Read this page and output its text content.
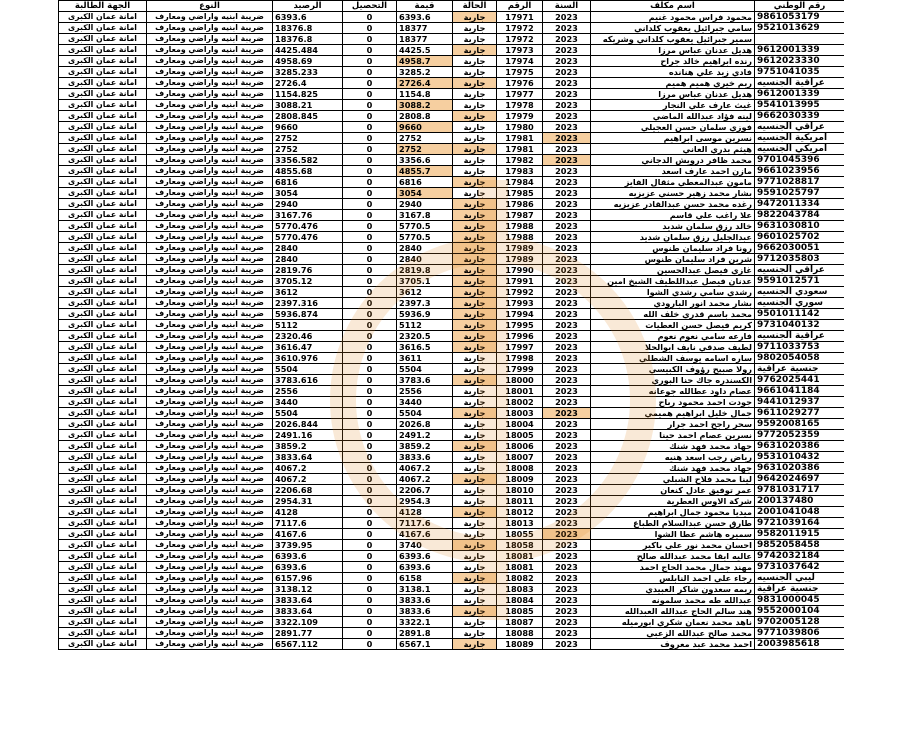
رقم الوطني	اسم مكلف	السنة	الرقم	الحالة	قيمة	التحصيل	الرصيد	النوع	الجهة الطالبة
9861053179	محمود فراس محمود غنيم	2023	17971	جارية	6393.6	0	6393.6	ضريبة ابنيه واراضي ومعارف	امانة عمان الكبرى
9521013629	سامي جبرائيل يعقوب كلداني	2023	17972	جارية	18377	0	18376.8	ضريبة ابنيه واراضي ومعارف	امانة عمان الكبرى
	سمير جبرائيل يعقوب كلداني وشريكه	2023	17972	جارية	18377	0	18376.8	ضريبة ابنيه واراضي ومعارف	امانة عمان الكبرى
9612001339	هديل عدنان عباس مرزا	2023	17973	جارية	4425.5	0	4425.484	ضريبة ابنيه واراضي ومعارف	امانة عمان الكبرى
9612023330	رنده ابراهيم خالد جراح	2023	17974	جارية	4958.7	0	4958.69	ضريبة ابنيه واراضي ومعارف	امانة عمان الكبرى
9751041035	فادي زيد علي هنانده	2023	17975	جارية	3285.2	0	3285.233	ضريبة ابنيه واراضي ومعارف	امانة عمان الكبرى
عراقية الجنسيه	ريم خيري هميم هميم	2023	17976	جارية	2726.4	0	2726.4	ضريبة ابنيه واراضي ومعارف	امانة عمان الكبرى
9612001339	هديل عدنان عباس مرزا	2023	17977	جارية	1154.8	0	1154.825	ضريبة ابنيه واراضي ومعارف	امانة عمان الكبرى
9541013995	غيث عارف علي النجار	2023	17978	جارية	3088.2	0	3088.21	ضريبة ابنيه واراضي ومعارف	امانة عمان الكبرى
9662030339	لينه فؤاد عبدالله الماضي	2023	17979	جارية	2808.8	0	2808.845	ضريبة ابنيه واراضي ومعارف	امانة عمان الكبرى
عراقي الجنسيه	فوزي سلمان حسن العجيلي	2023	17980	جارية	9660	0	9660	ضريبة ابنيه واراضي ومعارف	امانة عمان الكبرى
امريكية الجنسيه	نسرين موسى ابراهيم	2023	17981	جارية	2752	0	2752	ضريبة ابنيه واراضي ومعارف	امانة عمان الكبرى
امريكي الجنسيه	هيثم بدري العاني	2023	17981	جارية	2752	0	2752	ضريبة ابنيه واراضي ومعارف	امانة عمان الكبرى
9701045396	محمد ظافر درويش الدجاني	2023	17982	جارية	3356.6	0	3356.582	ضريبة ابنيه واراضي ومعارف	امانة عمان الكبرى
9661023956	مازن احمد عارف اسعد	2023	17983	جارية	4855.7	0	4855.68	ضريبة ابنيه واراضي ومعارف	امانة عمان الكبرى
9771028817	مامون عبدالمعطي مثقال الفايز	2023	17984	جارية	6816	0	6816	ضريبة ابنيه واراضي ومعارف	امانة عمان الكبرى
9591025797	بشار محمد زهير حسني عزيزيه	2023	17985	جارية	3054	0	3054	ضريبة ابنيه واراضي ومعارف	امانة عمان الكبرى
9472011334	رغده محمد حسن عبدالقادر عزيزيه	2023	17986	جارية	2940	0	2940	ضريبة ابنيه واراضي ومعارف	امانة عمان الكبرى
9822043784	علا راغب علي قاسم	2023	17987	جارية	3167.8	0	3167.76	ضريبة ابنيه واراضي ومعارف	امانة عمان الكبرى
9631030810	خالد رزق سلمان شديد	2023	17988	جارية	5770.5	0	5770.476	ضريبة ابنيه واراضي ومعارف	امانة عمان الكبرى
9601025702	عبدالجليل رزق سلمان شديد	2023	17988	جارية	5770.5	0	5770.476	ضريبة ابنيه واراضي ومعارف	امانة عمان الكبرى
9662030051	رونا فراد سليمان طنوس	2023	17989	جارية	2840	0	2840	ضريبة ابنيه واراضي ومعارف	امانة عمان الكبرى
9712035803	شرين فراد سليمان طنوس	2023	17989	جارية	2840	0	2840	ضريبة ابنيه واراضي ومعارف	امانة عمان الكبرى
عراقي الجنسيه	غازي فيصل عبدالحسين	2023	17990	جارية	2819.8	0	2819.76	ضريبة ابنيه واراضي ومعارف	امانة عمان الكبرى
9591012571	عدنان فيصل عبداللطيف الشيخ امين	2023	17991	جارية	3705.1	0	3705.12	ضريبة ابنيه واراضي ومعارف	امانة عمان الكبرى
سعودي الجنسيه	رشدي سامي رشدي الشوا	2023	17992	جارية	3612	0	3612	ضريبة ابنيه واراضي ومعارف	امانة عمان الكبرى
سوري الجنسيه	بشار محمد انور البارودي	2023	17993	جارية	2397.3	0	2397.316	ضريبة ابنيه واراضي ومعارف	امانة عمان الكبرى
9501011142	محمد باسم قدري خلف الله	2023	17994	جارية	5936.9	0	5936.874	ضريبة ابنيه واراضي ومعارف	امانة عمان الكبرى
9731040132	كريم فيصل حسن العطيات	2023	17995	جارية	5112	0	5112	ضريبة ابنيه واراضي ومعارف	امانة عمان الكبرى
عراقية الجنسيه	فارعه سامي نعوم نعوم	2023	17996	جارية	2320.5	0	2320.46	ضريبة ابنيه واراضي ومعارف	امانة عمان الكبرى
9711033753	لطيف صدقي نايف ابوالحلا	2023	17997	جارية	3616.5	0	3616.47	ضريبة ابنيه واراضي ومعارف	امانة عمان الكبرى
9802054058	ساره اسامه يوسف الشطلي	2023	17998	جارية	3611	0	3610.976	ضريبة ابنيه واراضي ومعارف	امانة عمان الكبرى
جنسية عراقية	رولا صبيح رؤوف الكبيسي	2023	17999	جارية	5504	0	5504	ضريبة ابنيه واراضي ومعارف	امانة عمان الكبرى
9762025441	الكسندره جاك حنا البوري	2023	18000	جارية	3783.6	0	3783.616	ضريبة ابنيه واراضي ومعارف	امانة عمان الكبرى
9661041184	عصام داود عطالله جوعانه	2023	18001	جارية	2556	0	2556	ضريبة ابنيه واراضي ومعارف	امانة عمان الكبرى
9441012937	جودت احمد محمود رباح	2023	18002	جارية	3440	0	3440	ضريبة ابنيه واراضي ومعارف	امانة عمان الكبرى
9611029277	جمال خليل ابراهيم هميمي	2023	18003	جارية	5504	0	5504	ضريبة ابنيه واراضي ومعارف	امانة عمان الكبرى
9592008165	سحر راجح احمد جرار	2023	18004	جارية	2026.8	0	2026.844	ضريبة ابنيه واراضي ومعارف	امانة عمان الكبرى
9772052359	نسرين عصام احمد حينا	2023	18005	جارية	2491.2	0	2491.16	ضريبة ابنيه واراضي ومعارف	امانة عمان الكبرى
9631020386	جهاد محمد فهد شنك	2023	18006	جارية	3859.2	0	3859.2	ضريبة ابنيه واراضي ومعارف	امانة عمان الكبرى
9531010432	رياض رجب اسعد هنيه	2023	18007	جارية	3833.6	0	3833.64	ضريبة ابنيه واراضي ومعارف	امانة عمان الكبرى
9631020386	جهاد محمد فهد شنك	2023	18008	جارية	4067.2	0	4067.2	ضريبة ابنيه واراضي ومعارف	امانة عمان الكبرى
9642024697	لينا محمد فلاح الشبلي	2023	18009	جارية	4067.2	0	4067.2	ضريبة ابنيه واراضي ومعارف	امانة عمان الكبرى
9781031717	عمر توفيق عادل كنعان	2023	18010	جارية	2206.7	0	2206.68	ضريبة ابنيه واراضي ومعارف	امانة عمان الكبرى
200137480	شركة الاوس العطرية	2023	18011	جارية	2954.3	0	2954.31	ضريبة ابنيه واراضي ومعارف	امانة عمان الكبرى
2001041048	ميديا محمود جمال ابراهيم	2023	18012	جارية	4128	0	4128	ضريبة ابنيه واراضي ومعارف	امانة عمان الكبرى
9721039164	طارق حسن عبدالسلام الطباع	2023	18013	جارية	7117.6	0	7117.6	ضريبة ابنيه واراضي ومعارف	امانة عمان الكبرى
9582011915	سميره هاشم عطا الشوا	2023	18055	جارية	4167.6	0	4167.6	ضريبة ابنيه واراضي ومعارف	امانة عمان الكبرى
9852058458	احسان محمد نور علي باكير	2023	18058	جارية	3740	0	3739.95	ضريبة ابنيه واراضي ومعارف	امانة عمان الكبرى
9742032184	عاليه ابقا محمد عبدالله صالح	2023	18081	جارية	6393.6	0	6393.6	ضريبة ابنيه واراضي ومعارف	امانة عمان الكبرى
9731037642	مهند جمال محمد الحاج احمد	2023	18081	جارية	6393.6	0	6393.6	ضريبة ابنيه واراضي ومعارف	امانة عمان الكبرى
ليبي الجنسيه	رجاء علي احمد النابلس	2023	18082	جارية	6158	0	6157.96	ضريبة ابنيه واراضي ومعارف	امانة عمان الكبرى
جنسية عراقية	ريمه سعدون شاكر العبيدي	2023	18083	جارية	3138.1	0	3138.12	ضريبة ابنيه واراضي ومعارف	امانة عمان الكبرى
9831000045	عبدالله طه محمد سلمونه	2023	18084	جارية	3833.6	0	3833.64	ضريبة ابنيه واراضي ومعارف	امانة عمان الكبرى
9552000104	هند سالم الحاج عبدالله العبدالله	2023	18085	جارية	3833.6	0	3833.64	ضريبة ابنيه واراضي ومعارف	امانة عمان الكبرى
9702005128	ناهد محمد نعمان شكري ابورميله	2023	18087	جارية	3322.1	0	3322.109	ضريبة ابنيه واراضي ومعارف	امانة عمان الكبرى
9771039806	محمد صالح عبدالله الزعبي	2023	18088	جارية	2891.8	0	2891.77	ضريبة ابنيه واراضي ومعارف	امانة عمان الكبرى
2003985618	احمد محمد عبد معروف	2023	18089	جارية	6567.1	0	6567.112	ضريبة ابنيه واراضي ومعارف	امانة عمان الكبرى
